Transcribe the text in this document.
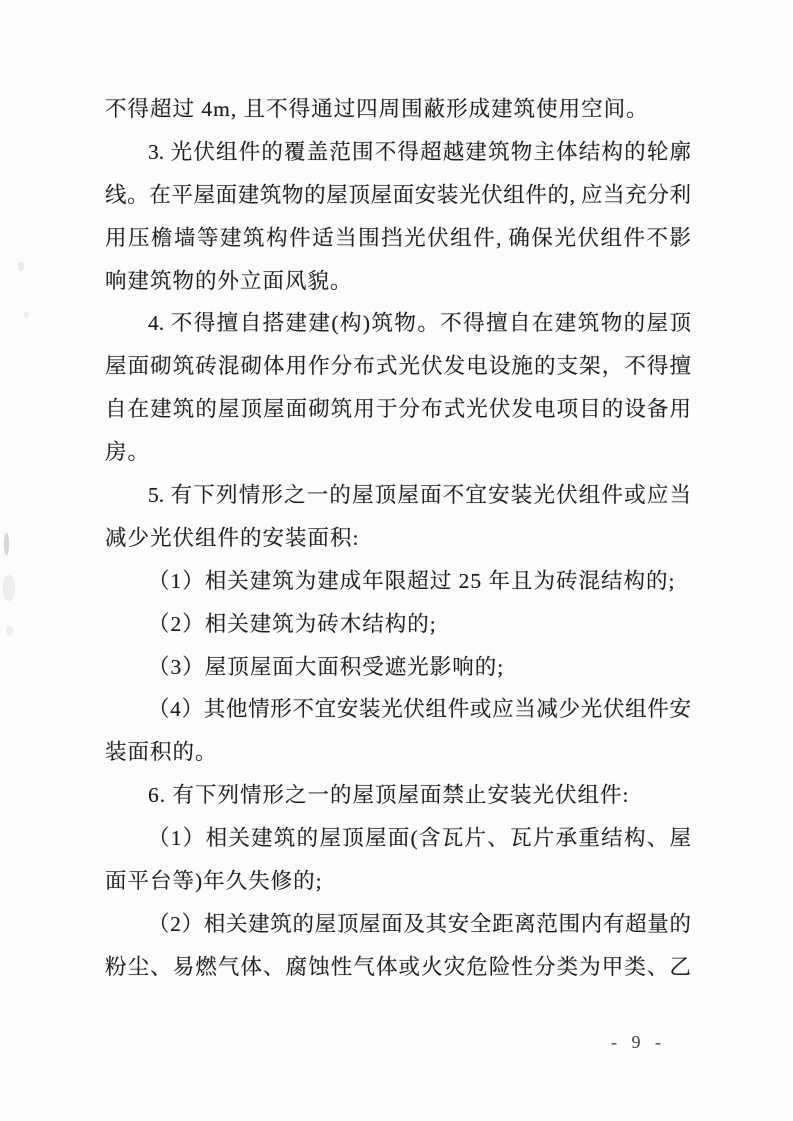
不得超过 4m, 且不得通过四周围蔽形成建筑使用空间。
3. 光伏组件的覆盖范围不得超越建筑物主体结构的轮廓
线。在平屋面建筑物的屋顶屋面安装光伏组件的, 应当充分利
用压檐墙等建筑构件适当围挡光伏组件, 确保光伏组件不影
响建筑物的外立面风貌。
4. 不得擅自搭建建(构)筑物。不得擅自在建筑物的屋顶
屋面砌筑砖混砌体用作分布式光伏发电设施的支架，不得擅
自在建筑的屋顶屋面砌筑用于分布式光伏发电项目的设备用
房。
5. 有下列情形之一的屋顶屋面不宜安装光伏组件或应当
减少光伏组件的安装面积:
（1）相关建筑为建成年限超过 25 年且为砖混结构的;
（2）相关建筑为砖木结构的;
（3）屋顶屋面大面积受遮光影响的;
（4）其他情形不宜安装光伏组件或应当减少光伏组件安
装面积的。
6. 有下列情形之一的屋顶屋面禁止安装光伏组件:
（1）相关建筑的屋顶屋面(含瓦片、瓦片承重结构、屋
面平台等)年久失修的;
（2）相关建筑的屋顶屋面及其安全距离范围内有超量的
粉尘、易燃气体、腐蚀性气体或火灾危险性分类为甲类、乙
- 9 -
